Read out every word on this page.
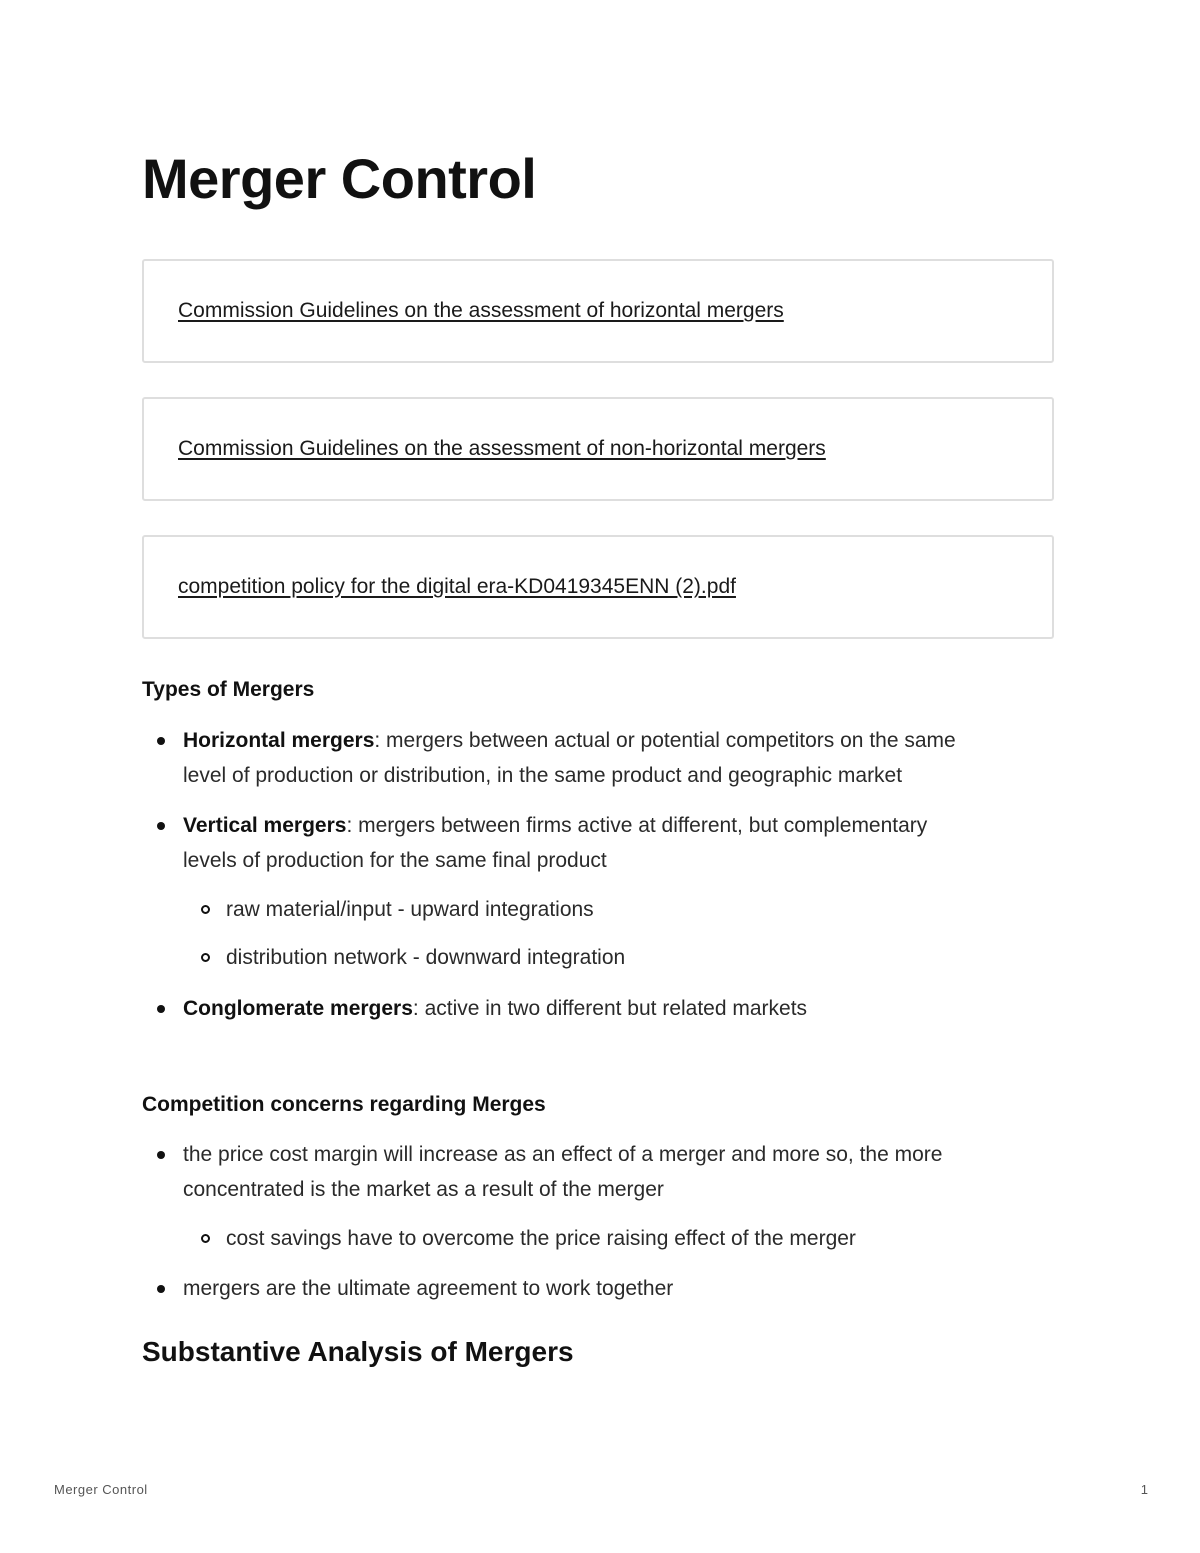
Merger Control
Commission Guidelines on the assessment of horizontal mergers
Commission Guidelines on the assessment of non-horizontal mergers
competition policy for the digital era-KD0419345ENN (2).pdf

Types of Mergers

Horizontal mergers: mergers between actual or potential competitors on the same
level of production or distribution, in the same product and geographic market
Vertical mergers: mergers between firms active at different, but complementary
levels of production for the same final product
raw material/input - upward integrations
distribution network - downward integration
Conglomerate mergers: active in two different but related markets

Competition concerns regarding Merges

the price cost margin will increase as an effect of a merger and more so, the more
concentrated is the market as a result of the merger
cost savings have to overcome the price raising effect of the merger
mergers are the ultimate agreement to work together
Substantive Analysis of Mergers
Merger Control	1
